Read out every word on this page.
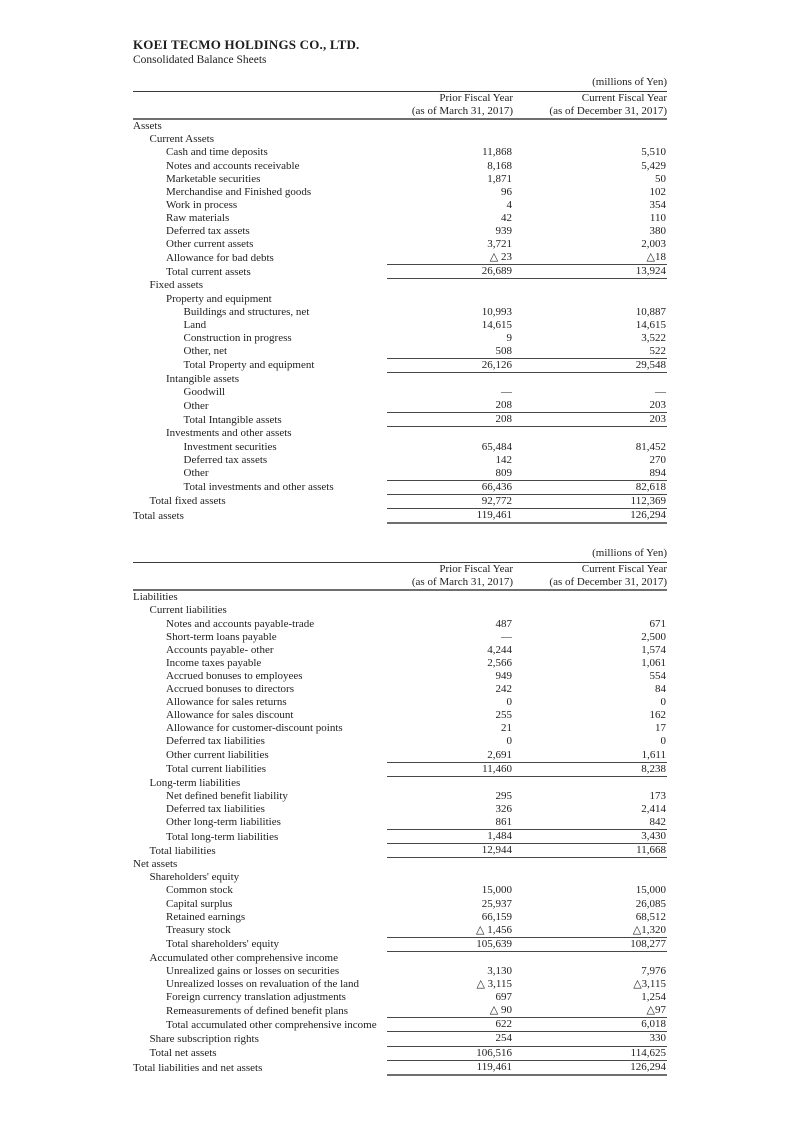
KOEI TECMO HOLDINGS CO., LTD.
Consolidated Balance Sheets
(millions of Yen)		
	Prior Fiscal Year	Current Fiscal Year
	(as of March 31, 2017)	(as of December 31, 2017)
Assets		
Current Assets		
Cash and time deposits	11,868	5,510
Notes and accounts receivable	8,168	5,429
Marketable securities	1,871	50
Merchandise and Finished goods	96	102
Work in process	4	354
Raw materials	42	110
Deferred tax assets	939	380
Other current assets	3,721	2,003
Allowance for bad debts	△ 23	△18
Total current assets	26,689	13,924
Fixed assets		
Property and equipment		
Buildings and structures, net	10,993	10,887
Land	14,615	14,615
Construction in progress	9	3,522
Other, net	508	522
Total Property and equipment	26,126	29,548
Intangible assets		
Goodwill	—	—
Other	208	203
Total Intangible assets	208	203
Investments and other assets		
Investment securities	65,484	81,452
Deferred tax assets	142	270
Other	809	894
Total investments and other assets	66,436	82,618
Total fixed assets	92,772	112,369
Total assets	119,461	126,294
(millions of Yen)		
	Prior Fiscal Year	Current Fiscal Year
	(as of March 31, 2017)	(as of December 31, 2017)
Liabilities		
Current liabilities		
Notes and accounts payable-trade	487	671
Short-term loans payable	—	2,500
Accounts payable- other	4,244	1,574
Income taxes payable	2,566	1,061
Accrued bonuses to employees	949	554
Accrued bonuses to directors	242	84
Allowance for sales returns	0	0
Allowance for sales discount	255	162
Allowance for customer-discount points	21	17
Deferred tax liabilities	0	0
Other current liabilities	2,691	1,611
Total current liabilities	11,460	8,238
Long-term liabilities		
Net defined benefit liability	295	173
Deferred tax liabilities	326	2,414
Other long-term liabilities	861	842
Total long-term liabilities	1,484	3,430
Total liabilities	12,944	11,668
Net assets		
Shareholders' equity		
Common stock	15,000	15,000
Capital surplus	25,937	26,085
Retained earnings	66,159	68,512
Treasury stock	△ 1,456	△1,320
Total shareholders' equity	105,639	108,277
Accumulated other comprehensive income		
Unrealized gains or losses on securities	3,130	7,976
Unrealized losses on revaluation of the land	△ 3,115	△3,115
Foreign currency translation adjustments	697	1,254
Remeasurements of defined benefit plans	△ 90	△97
Total accumulated other comprehensive income	622	6,018
Share subscription rights	254	330
Total net assets	106,516	114,625
Total liabilities and net assets	119,461	126,294
